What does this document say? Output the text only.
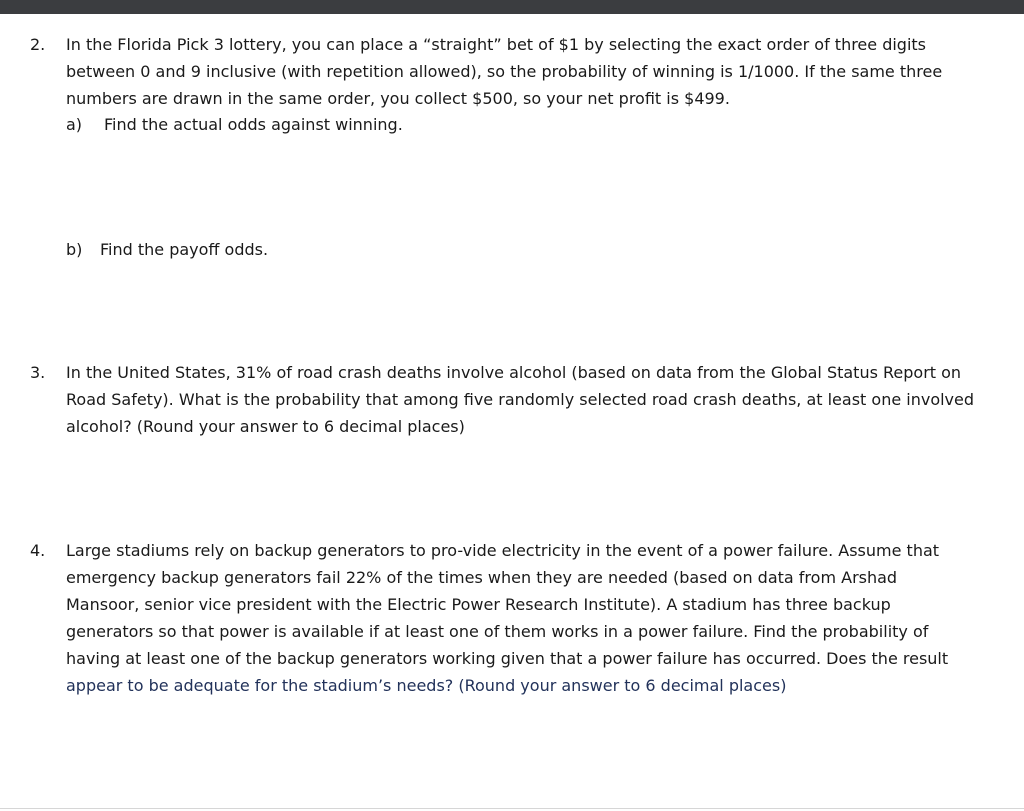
2.	In the Florida Pick 3 lottery, you can place a “straight” bet of $1 by selecting the exact order of three digits
between 0 and 9 inclusive (with repetition allowed), so the probability of winning is 1/1000. If the same three
numbers are drawn in the same order, you collect $500, so your net profit is $499.
a) Find the actual odds against winning.
b) Find the payoff odds.
3.	In the United States, 31% of road crash deaths involve alcohol (based on data from the Global Status Report on
Road Safety). What is the probability that among five randomly selected road crash deaths, at least one involved
alcohol? (Round your answer to 6 decimal places)
4.	Large stadiums rely on backup generators to pro-vide electricity in the event of a power failure. Assume that
emergency backup generators fail 22% of the times when they are needed (based on data from Arshad
Mansoor, senior vice president with the Electric Power Research Institute). A stadium has three backup
generators so that power is available if at least one of them works in a power failure. Find the probability of
having at least one of the backup generators working given that a power failure has occurred. Does the result
appear to be adequate for the stadium’s needs? (Round your answer to 6 decimal places)
